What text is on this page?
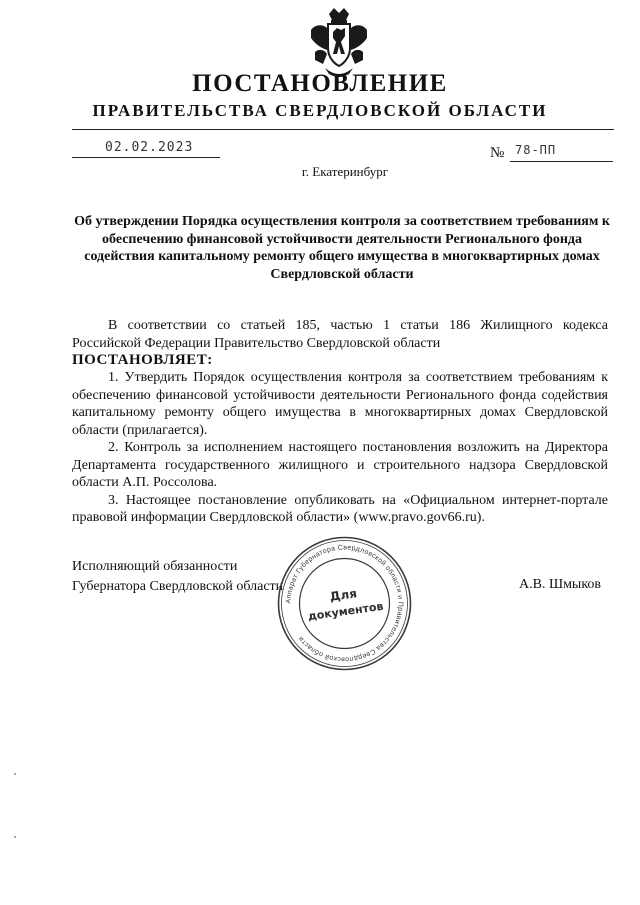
ПОСТАНОВЛЕНИЕ
ПРАВИТЕЛЬСТВА СВЕРДЛОВСКОЙ ОБЛАСТИ
02.02.2023	№ 78-ПП
г. Екатеринбург
Об утверждении Порядка осуществления контроля за соответствием требованиям к обеспечению финансовой устойчивости деятельности Регионального фонда содействия капитальному ремонту общего имущества в многоквартирных домах Свердловской области

В соответствии со статьей 185, частью 1 статьи 186 Жилищного кодекса Российской Федерации Правительство Свердловской области

ПОСТАНОВЛЯЕТ:

1. Утвердить Порядок осуществления контроля за соответствием требованиям к обеспечению финансовой устойчивости деятельности Регионального фонда содействия капитальному ремонту общего имущества в многоквартирных домах Свердловской области (прилагается).

2. Контроль за исполнением настоящего постановления возложить на Директора Департамента государственного жилищного и строительного надзора Свердловской области А.П. Россолова.

3. Настоящее постановление опубликовать на «Официальном интернет-портале правовой информации Свердловской области» (www.pravo.gov66.ru).

Исполняющий обязанности
Губернатора Свердловской области	А.В. Шмыков
Аппарат Губернатора Свердловской области и Правительства Свердловской области
Для
документов
